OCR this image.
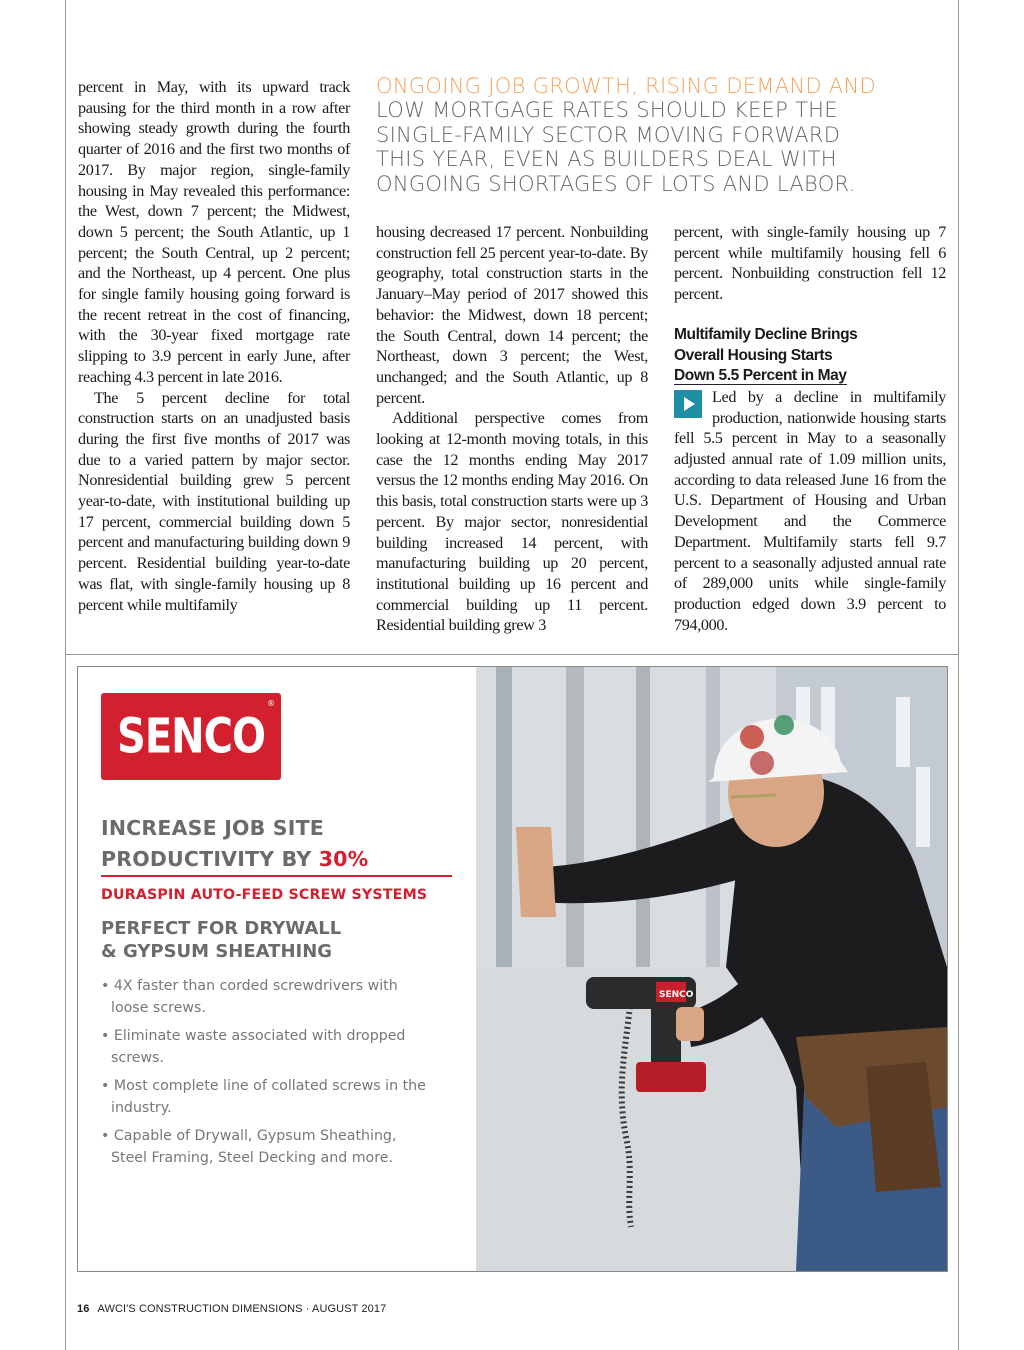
percent in May, with its upward track pausing for the third month in a row after showing steady growth during the fourth quarter of 2016 and the first two months of 2017. By major region, single-family housing in May revealed this performance: the West, down 7 percent; the Midwest, down 5 percent; the South Atlantic, up 1 percent; the South Central, up 2 percent; and the Northeast, up 4 percent. One plus for single family housing going forward is the recent retreat in the cost of financing, with the 30-year fixed mortgage rate slipping to 3.9 percent in early June, after reaching 4.3 percent in late 2016.

The 5 percent decline for total construction starts on an unadjusted basis during the first five months of 2017 was due to a varied pattern by major sector. Nonresidential building grew 5 percent year-to-date, with institutional building up 17 percent, commercial building down 5 percent and manufacturing building down 9 percent. Residential building year-to-date was flat, with single-family housing up 8 percent while multifamily

ONGOING JOB GROWTH, RISING DEMAND AND LOW MORTGAGE RATES SHOULD KEEP THE SINGLE-FAMILY SECTOR MOVING FORWARD THIS YEAR, EVEN AS BUILDERS DEAL WITH ONGOING SHORTAGES OF LOTS AND LABOR.

housing decreased 17 percent. Nonbuilding construction fell 25 percent year-to-date. By geography, total construction starts in the January–May period of 2017 showed this behavior: the Midwest, down 18 percent; the South Central, down 14 percent; the Northeast, down 3 percent; the West, unchanged; and the South Atlantic, up 8 percent.

Additional perspective comes from looking at 12-month moving totals, in this case the 12 months ending May 2017 versus the 12 months ending May 2016. On this basis, total construction starts were up 3 percent. By major sector, nonresidential building increased 14 percent, with manufacturing building up 20 percent, institutional building up 16 percent and commercial building up 11 percent. Residential building grew 3

percent, with single-family housing up 7 percent while multifamily housing fell 6 percent. Nonbuilding construction fell 12 percent.

Multifamily Decline Brings
Overall Housing Starts
Down 5.5 Percent in May

Led by a decline in multifamily production, nationwide housing starts fell 5.5 percent in May to a seasonally adjusted annual rate of 1.09 million units, according to data released June 16 from the U.S. Department of Housing and Urban Development and the Commerce Department. Multifamily starts fell 9.7 percent to a seasonally adjusted annual rate of 289,000 units while single-family production edged down 3.9 percent to 794,000.

SENCO
®
INCREASE JOB SITE
PRODUCTIVITY BY 30%
DURASPIN AUTO-FEED SCREW SYSTEMS
PERFECT FOR DRYWALL
& GYPSUM SHEATHING
• 4X faster than corded screwdrivers with loose screws.
• Eliminate waste associated with dropped screws.
• Most complete line of collated screws in the industry.
• Capable of Drywall, Gypsum Sheathing, Steel Framing, Steel Decking and more.
SENCO
16 AWCI'S CONSTRUCTION DIMENSIONS · AUGUST 2017
